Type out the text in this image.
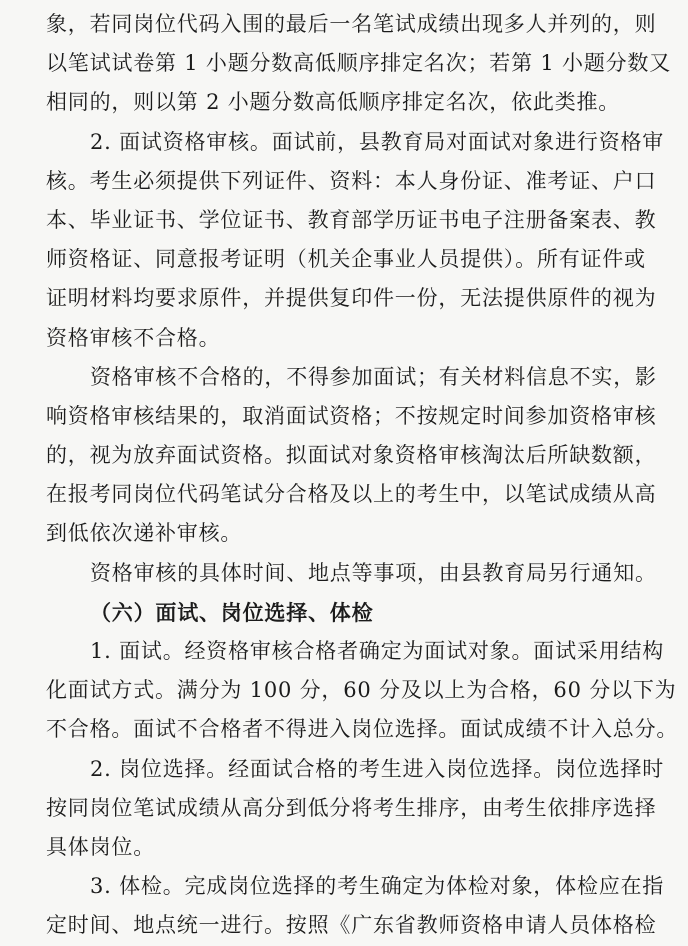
象，若同岗位代码入围的最后一名笔试成绩出现多人并列的，则
以笔试试卷第 1 小题分数高低顺序排定名次；若第 1 小题分数又
相同的，则以第 2 小题分数高低顺序排定名次，依此类推。
2. 面试资格审核。面试前，县教育局对面试对象进行资格审
核。考生必须提供下列证件、资料：本人身份证、准考证、户口
本、毕业证书、学位证书、教育部学历证书电子注册备案表、教
师资格证、同意报考证明（机关企事业人员提供）。所有证件或
证明材料均要求原件，并提供复印件一份，无法提供原件的视为
资格审核不合格。
资格审核不合格的，不得参加面试；有关材料信息不实，影
响资格审核结果的，取消面试资格；不按规定时间参加资格审核
的，视为放弃面试资格。拟面试对象资格审核淘汰后所缺数额，
在报考同岗位代码笔试分合格及以上的考生中，以笔试成绩从高
到低依次递补审核。
资格审核的具体时间、地点等事项，由县教育局另行通知。
（六）面试、岗位选择、体检
1. 面试。经资格审核合格者确定为面试对象。面试采用结构
化面试方式。满分为 100 分，60 分及以上为合格，60 分以下为
不合格。面试不合格者不得进入岗位选择。面试成绩不计入总分。
2. 岗位选择。经面试合格的考生进入岗位选择。岗位选择时
按同岗位笔试成绩从高分到低分将考生排序，由考生依排序选择
具体岗位。
3. 体检。完成岗位选择的考生确定为体检对象，体检应在指
定时间、地点统一进行。按照《广东省教师资格申请人员体格检
